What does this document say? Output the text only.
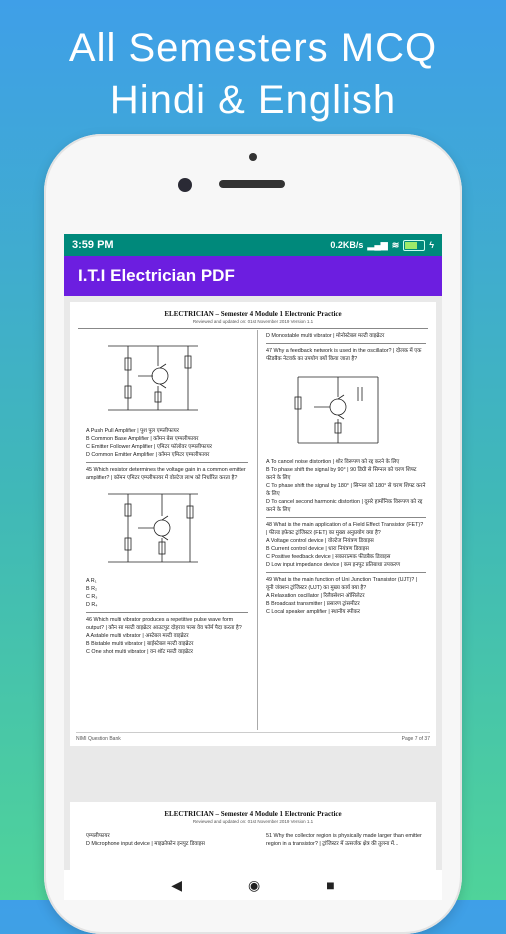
All Semesters MCQ
Hindi & English
3:59 PM	0.2KB/s ▂▄▆ ≋	ϟ
I.T.I Electrician PDF
ELECTRICIAN – Semester 4 Module 1 Electronic Practice
Reviewed and updated on: 01st November 2019 Version 1.1
A Push Pull Amplifier | पुश पुल एम्प्लीफायर
B Common Base Amplifier | कॉमन बेस एम्पलीफायर
C Emitter Follower Amplifier | एमिटर फॉलोवर एम्पलीफायर
D Common Emitter Amplifier | कॉमन एमिटर एम्पलीफायर
45 Which resistor determines the voltage gain in a common emitter amplifier? | कॉमन एमिटर एम्प्लीफायर में वोल्टेज लाभ को निर्धारित करता है?
A R₁
B R₂
C R₃
D R₄
46 Which multi vibrator produces a repetitive pulse wave form output? | कौन सा मल्टी वाइब्रेटर आउटपुट दोहराव पल्स वेव फॉर्म पैदा करता है?
A Astable multi vibrator | अस्टेबल मल्टी वाइब्रेटर
B Bistable multi vibrator | बाईस्टेबल मल्टी वाइब्रेटर
C One shot multi vibrator | वन शॉट मल्टी वाइब्रेटर
D Monostable multi vibrator | मोनोस्टेबल मल्टी वाइब्रेटर
47 Why a feedback network is used in the oscillator? | दोलक में एक फीडबैक नेटवर्क का उपयोग क्यों किया जाता है?
A To cancel noise distortion | शोर विरूपण को रद्द करने के लिए
B To phase shift the signal by 90° | 90 डिग्री से सिग्नल को चरण शिफ्ट करने के लिए
C To phase shift the signal by 180° | सिग्नल को 180° से चरण शिफ्ट करने के लिए
D To cancel second harmonic distortion | दूसरे हार्मोनिक विरूपण को रद्द करने के लिए
48 What is the main application of a Field Effect Transistor (FET)? | फील्ड इफ़ेक्ट ट्रांजिस्टर (FET) का मुख्य अनुप्रयोग क्या है?
A Voltage control device | वोल्टेज नियंत्रण डिवाइस
B Current control device | धारा नियंत्रण डिवाइस
C Positive feedback device | सकारात्मक फीडबैक डिवाइस
D Low input impedance device | कम इनपुट प्रतिबाधा उपकरण
49 What is the main function of Uni Junction Transistor (UJT)? | यूनी जंक्शन ट्रांजिस्टर (UJT) का मुख्य कार्य क्या है?
A Relaxation oscillator | रिलैक्सेशन ऑसिलेटर
B Broadcast transmitter | प्रसारण ट्रांसमीटर
C Local speaker amplifier | स्थानीय स्पीकर
NIMI Question Bank	Page 7 of 37
ELECTRICIAN – Semester 4 Module 1 Electronic Practice
Reviewed and updated on: 01st November 2019 Version 1.1
एम्पलीफायर
D Microphone input device | माइक्रोफ़ोन इनपुट डिवाइस
51 Why the collector region is physically made larger than emitter region in a transistor? | ट्रांजिस्टर में उत्सर्जक क्षेत्र की तुलना में...
◀	◉	■
